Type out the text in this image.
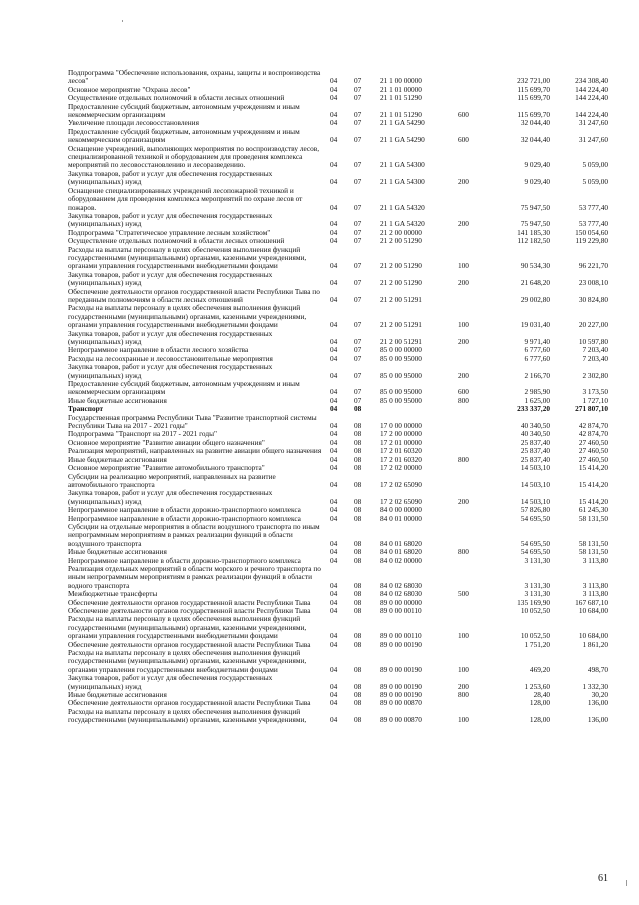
Подпрограмма "Обеспечение использования, охраны, защиты и воспроизводства лесов"	04	07	21 1 00 00000		232 721,00	234 308,40
Основное мероприятие "Охрана лесов"	04	07	21 1 01 00000		115 699,70	144 224,40
Осуществление отдельных полномочий в области лесных отношений	04	07	21 1 01 51290		115 699,70	144 224,40
Предоставление субсидий бюджетным, автономным учреждениям и иным некоммерческим организациям	04	07	21 1 01 51290	600	115 699,70	144 224,40
Увеличение площади лесовосстановления	04	07	21 1 GA 54290		32 044,40	31 247,60
Предоставление субсидий бюджетным, автономным учреждениям и иным некоммерческим организациям	04	07	21 1 GA 54290	600	32 044,40	31 247,60
Оснащение учреждений, выполняющих мероприятия по воспроизводству лесов, специализированной техникой и оборудованием для проведения комплекса мероприятий по лесовосстановлению и лесоразведению.	04	07	21 1 GA 54300		9 029,40	5 059,00
Закупка товаров, работ и услуг для обеспечения государственных (муниципальных) нужд	04	07	21 1 GA 54300	200	9 029,40	5 059,00
Оснащение специализированных учреждений лесопожарной техникой и оборудованием для проведения комплекса мероприятий по охране лесов от пожаров.	04	07	21 1 GA 54320		75 947,50	53 777,40
Закупка товаров, работ и услуг для обеспечения государственных (муниципальных) нужд	04	07	21 1 GA 54320	200	75 947,50	53 777,40
Подпрограмма "Стратегическое управление лесным хозяйством"	04	07	21 2 00 00000		141 185,30	150 054,60
Осуществление отдельных полномочий в области лесных отношений	04	07	21 2 00 51290		112 182,50	119 229,80
Расходы на выплаты персоналу в целях обеспечения выполнения функций государственными (муниципальными) органами, казенными учреждениями, органами управления государственными внебюджетными фондами	04	07	21 2 00 51290	100	90 534,30	96 221,70
Закупка товаров, работ и услуг для обеспечения государственных (муниципальных) нужд	04	07	21 2 00 51290	200	21 648,20	23 008,10
Обеспечение деятельности органов государственной власти Республики Тыва по переданным полномочиям в области лесных отношений	04	07	21 2 00 51291		29 002,80	30 824,80
Расходы на выплаты персоналу в целях обеспечения выполнения функций государственными (муниципальными) органами, казенными учреждениями, органами управления государственными внебюджетными фондами	04	07	21 2 00 51291	100	19 031,40	20 227,00
Закупка товаров, работ и услуг для обеспечения государственных (муниципальных) нужд	04	07	21 2 00 51291	200	9 971,40	10 597,80
Непрограммное направление в области лесного хозяйства	04	07	85 0 00 00000		6 777,60	7 203,40
Расходы на лесоохранные и лесовосстановительные мероприятия	04	07	85 0 00 95000		6 777,60	7 203,40
Закупка товаров, работ и услуг для обеспечения государственных (муниципальных) нужд	04	07	85 0 00 95000	200	2 166,70	2 302,80
Предоставление субсидий бюджетным, автономным учреждениям и иным некоммерческим организациям	04	07	85 0 00 95000	600	2 985,90	3 173,50
Иные бюджетные ассигнования	04	07	85 0 00 95000	800	1 625,00	1 727,10
Транспорт	04	08			233 337,20	271 807,10
Государственная программа Республики Тыва "Развитие транспортной системы Республики Тыва на 2017 - 2021 годы"	04	08	17 0 00 00000		40 340,50	42 874,70
Подпрограмма "Транспорт на 2017 - 2021 годы"	04	08	17 2 00 00000		40 340,50	42 874,70
Основное мероприятие "Развитие авиации общего назначения"	04	08	17 2 01 00000		25 837,40	27 460,50
Реализация мероприятий, направленных на развитие авиации общего назначения	04	08	17 2 01 60320		25 837,40	27 460,50
Иные бюджетные ассигнования	04	08	17 2 01 60320	800	25 837,40	27 460,50
Основное мероприятие "Развитие автомобильного транспорта"	04	08	17 2 02 00000		14 503,10	15 414,20
Субсидии на реализацию мероприятий, направленных на развитие автомобильного транспорта	04	08	17 2 02 65090		14 503,10	15 414,20
Закупка товаров, работ и услуг для обеспечения государственных (муниципальных) нужд	04	08	17 2 02 65090	200	14 503,10	15 414,20
Непрограммное направление в области дорожно-транспортного комплекса	04	08	84 0 00 00000		57 826,80	61 245,30
Непрограммное направление в области дорожно-транспортного комплекса	04	08	84 0 01 00000		54 695,50	58 131,50
Субсидии на отдельные мероприятия в области воздушного транспорта по иным непрограммным мероприятиям в рамках реализации функций в области воздушного транспорта	04	08	84 0 01 68020		54 695,50	58 131,50
Иные бюджетные ассигнования	04	08	84 0 01 68020	800	54 695,50	58 131,50
Непрограммное направление в области дорожно-транспортного комплекса	04	08	84 0 02 00000		3 131,30	3 113,80
Реализация отдельных мероприятий в области морского и речного транспорта по иным непрограммным мероприятиям в рамках реализации функций в области водного транспорта	04	08	84 0 02 68030		3 131,30	3 113,80
Межбюджетные трансферты	04	08	84 0 02 68030	500	3 131,30	3 113,80
Обеспечение деятельности органов государственной власти Республики Тыва	04	08	89 0 00 00000		135 169,90	167 687,10
Обеспечение деятельности органов государственной власти Республики Тыва	04	08	89 0 00 00110		10 052,50	10 684,00
Расходы на выплаты персоналу в целях обеспечения выполнения функций государственными (муниципальными) органами, казенными учреждениями, органами управления государственными внебюджетными фондами	04	08	89 0 00 00110	100	10 052,50	10 684,00
Обеспечение деятельности органов государственной власти Республики Тыва	04	08	89 0 00 00190		1 751,20	1 861,20
Расходы на выплаты персоналу в целях обеспечения выполнения функций государственными (муниципальными) органами, казенными учреждениями, органами управления государственными внебюджетными фондами	04	08	89 0 00 00190	100	469,20	498,70
Закупка товаров, работ и услуг для обеспечения государственных (муниципальных) нужд	04	08	89 0 00 00190	200	1 253,60	1 332,30
Иные бюджетные ассигнования	04	08	89 0 00 00190	800	28,40	30,20
Обеспечение деятельности органов государственной власти Республики Тыва	04	08	89 0 00 00870		128,00	136,00
Расходы на выплаты персоналу в целях обеспечения выполнения функций государственными (муниципальными) органами, казенными учреждениями,	04	08	89 0 00 00870	100	128,00	136,00
61
